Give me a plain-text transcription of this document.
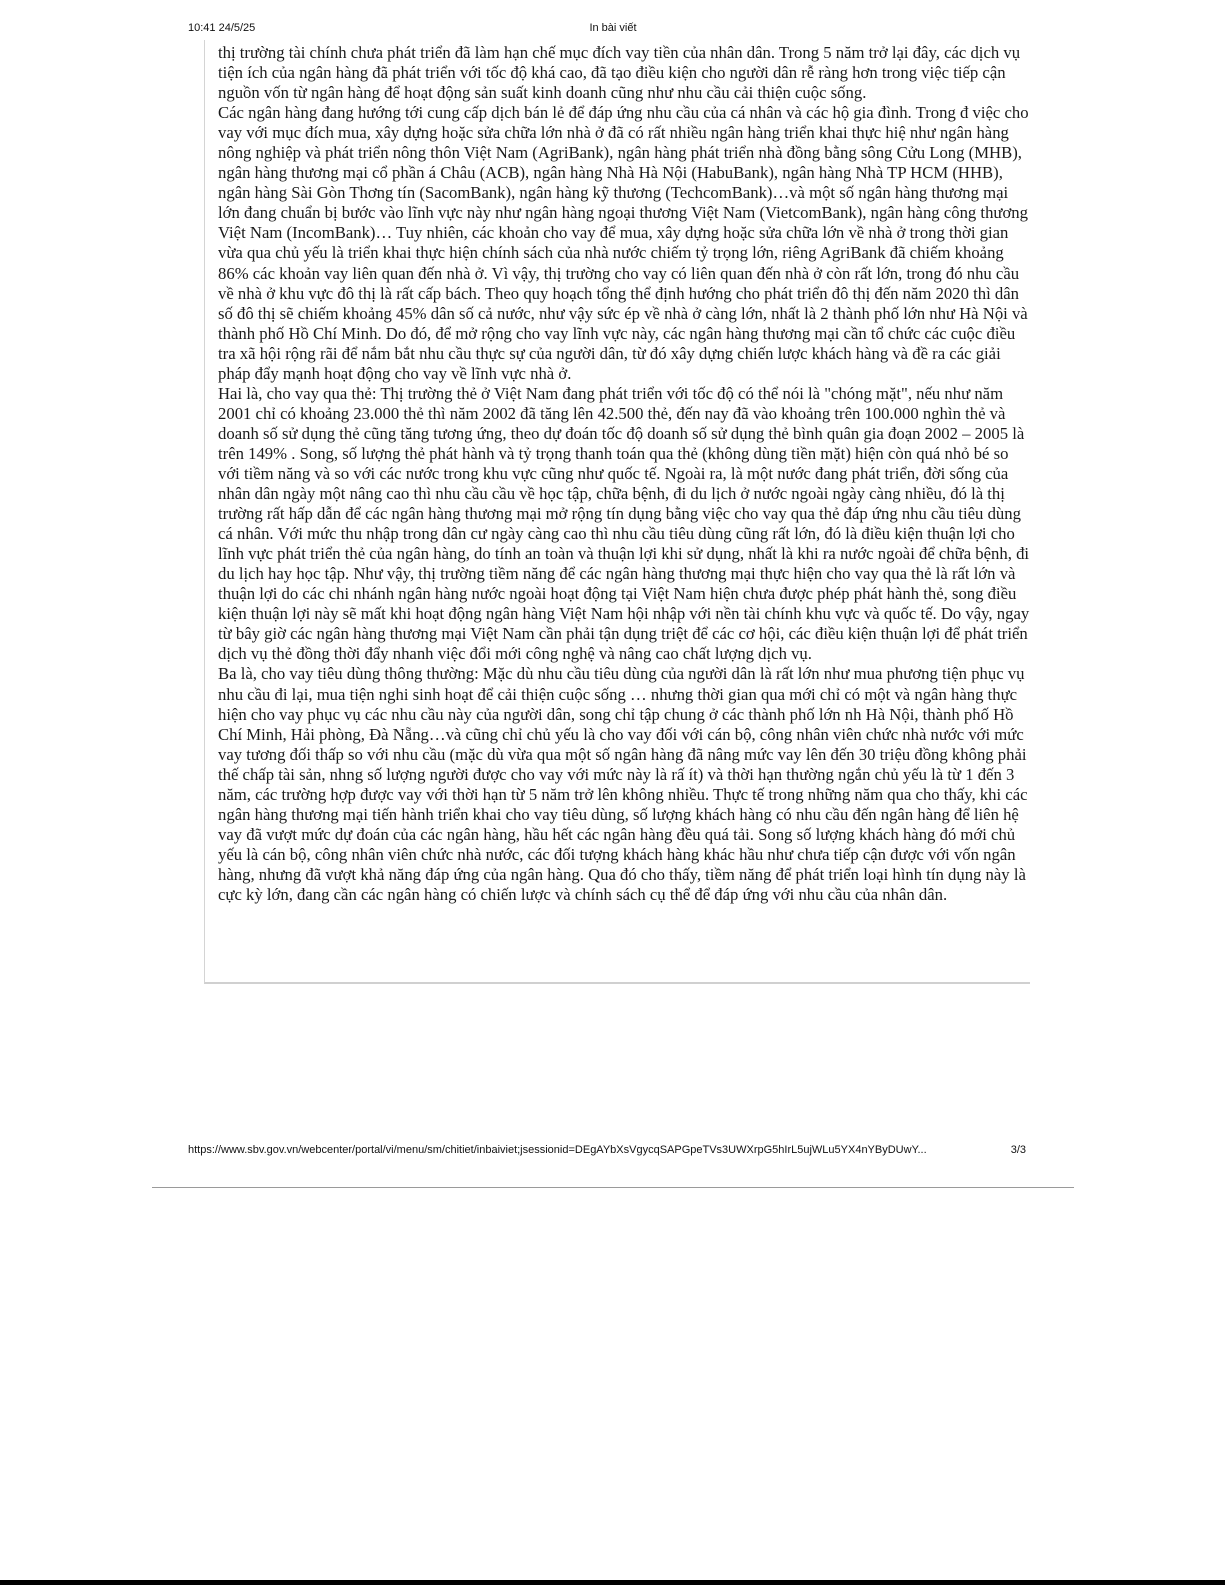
10:41 24/5/25	In bài viết

thị trường tài chính chưa phát triển đã làm hạn chế mục đích vay tiền của nhân dân. Trong 5 năm trở lại đây, các dịch vụ tiện ích của ngân hàng đã phát triển với tốc độ khá cao, đã tạo điều kiện cho người dân rễ ràng hơn trong việc tiếp cận nguồn vốn từ ngân hàng để hoạt động sản suất kinh doanh cũng như nhu cầu cải thiện cuộc sống.

Các ngân hàng đang hướng tới cung cấp dịch bán lẻ để đáp ứng nhu cầu của cá nhân và các hộ gia đình. Trong đ việc cho vay với mục đích mua, xây dựng hoặc sửa chữa lớn nhà ở đã có rất nhiều ngân hàng triển khai thực hiệ như ngân hàng nông nghiệp và phát triển nông thôn Việt Nam (AgriBank), ngân hàng phát triển nhà đồng bằng sông Cửu Long (MHB), ngân hàng thương mại cổ phần á Châu (ACB), ngân hàng Nhà Hà Nội (HabuBank), ngân hàng Nhà TP HCM (HHB), ngân hàng Sài Gòn Thơng tín (SacomBank), ngân hàng kỹ thương (TechcomBank)…và một số ngân hàng thương mại lớn đang chuẩn bị bước vào lĩnh vực này như ngân hàng ngoại thương Việt Nam (VietcomBank), ngân hàng công thương Việt Nam (IncomBank)… Tuy nhiên, các khoản cho vay để mua, xây dựng hoặc sửa chữa lớn về nhà ở trong thời gian vừa qua chủ yếu là triển khai thực hiện chính sách của nhà nước chiếm tỷ trọng lớn, riêng AgriBank đã chiếm khoảng 86% các khoản vay liên quan đến nhà ở. Vì vậy, thị trường cho vay có liên quan đến nhà ở còn rất lớn, trong đó nhu cầu về nhà ở khu vực đô thị là rất cấp bách. Theo quy hoạch tổng thể định hướng cho phát triển đô thị đến năm 2020 thì dân số đô thị sẽ chiếm khoảng 45% dân số cả nước, như vậy sức ép về nhà ở càng lớn, nhất là 2 thành phố lớn như Hà Nội và thành phố Hồ Chí Minh. Do đó, để mở rộng cho vay lĩnh vực này, các ngân hàng thương mại cần tổ chức các cuộc điều tra xã hội rộng rãi để nắm bắt nhu cầu thực sự của người dân, từ đó xây dựng chiến lược khách hàng và đề ra các giải pháp đẩy mạnh hoạt động cho vay về lĩnh vực nhà ở.

Hai là, cho vay qua thẻ: Thị trường thẻ ở Việt Nam đang phát triển với tốc độ có thể nói là "chóng mặt", nếu như năm 2001 chỉ có khoảng 23.000 thẻ thì năm 2002 đã tăng lên 42.500 thẻ, đến nay đã vào khoảng trên 100.000 nghìn thẻ và doanh số sử dụng thẻ cũng tăng tương ứng, theo dự đoán tốc độ doanh số sử dụng thẻ bình quân gia đoạn 2002 – 2005 là trên 149% . Song, số lượng thẻ phát hành và tỷ trọng thanh toán qua thẻ (không dùng tiền mặt) hiện còn quá nhỏ bé so với tiềm năng và so với các nước trong khu vực cũng như quốc tế. Ngoài ra, là một nước đang phát triển, đời sống của nhân dân ngày một nâng cao thì nhu cầu cầu về học tập, chữa bệnh, đi du lịch ở nước ngoài ngày càng nhiều, đó là thị trường rất hấp dẫn để các ngân hàng thương mại mở rộng tín dụng bằng việc cho vay qua thẻ đáp ứng nhu cầu tiêu dùng cá nhân. Với mức thu nhập trong dân cư ngày càng cao thì nhu cầu tiêu dùng cũng rất lớn, đó là điều kiện thuận lợi cho lĩnh vực phát triển thẻ của ngân hàng, do tính an toàn và thuận lợi khi sử dụng, nhất là khi ra nước ngoài để chữa bệnh, đi du lịch hay học tập. Như vậy, thị trường tiềm năng để các ngân hàng thương mại thực hiện cho vay qua thẻ là rất lớn và thuận lợi do các chi nhánh ngân hàng nước ngoài hoạt động tại Việt Nam hiện chưa được phép phát hành thẻ, song điều kiện thuận lợi này sẽ mất khi hoạt động ngân hàng Việt Nam hội nhập với nền tài chính khu vực và quốc tế. Do vậy, ngay từ bây giờ các ngân hàng thương mại Việt Nam cần phải tận dụng triệt để các cơ hội, các điều kiện thuận lợi để phát triển dịch vụ thẻ đồng thời đẩy nhanh việc đổi mới công nghệ và nâng cao chất lượng dịch vụ.

Ba là, cho vay tiêu dùng thông thường: Mặc dù nhu cầu tiêu dùng của người dân là rất lớn như mua phương tiện phục vụ nhu cầu đi lại, mua tiện nghi sinh hoạt để cải thiện cuộc sống … nhưng thời gian qua mới chỉ có một và ngân hàng thực hiện cho vay phục vụ các nhu cầu này của người dân, song chỉ tập chung ở các thành phố lớn nh Hà Nội, thành phố Hồ Chí Minh, Hải phòng, Đà Nẵng…và cũng chỉ chủ yếu là cho vay đối với cán bộ, công nhân viên chức nhà nước với mức vay tương đối thấp so với nhu cầu (mặc dù vừa qua một số ngân hàng đã nâng mức vay lên đến 30 triệu đồng không phải thế chấp tài sản, nhng số lượng người được cho vay với mức này là rấ ít) và thời hạn thường ngắn chủ yếu là từ 1 đến 3 năm, các trường hợp được vay với thời hạn từ 5 năm trở lên không nhiều. Thực tế trong những năm qua cho thấy, khi các ngân hàng thương mại tiến hành triển khai cho vay tiêu dùng, số lượng khách hàng có nhu cầu đến ngân hàng để liên hệ vay đã vượt mức dự đoán của các ngân hàng, hầu hết các ngân hàng đều quá tải. Song số lượng khách hàng đó mới chủ yếu là cán bộ, công nhân viên chức nhà nước, các đối tượng khách hàng khác hầu như chưa tiếp cận được với vốn ngân hàng, nhưng đã vượt khả năng đáp ứng của ngân hàng. Qua đó cho thấy, tiềm năng để phát triển loại hình tín dụng này là cực kỳ lớn, đang cần các ngân hàng có chiến lược và chính sách cụ thể để đáp ứng với nhu cầu của nhân dân.

https://www.sbv.gov.vn/webcenter/portal/vi/menu/sm/chitiet/inbaiviet;jsessionid=DEgAYbXsVgycqSAPGpeTVs3UWXrpG5hIrL5ujWLu5YX4nYByDUwY...	3/3
